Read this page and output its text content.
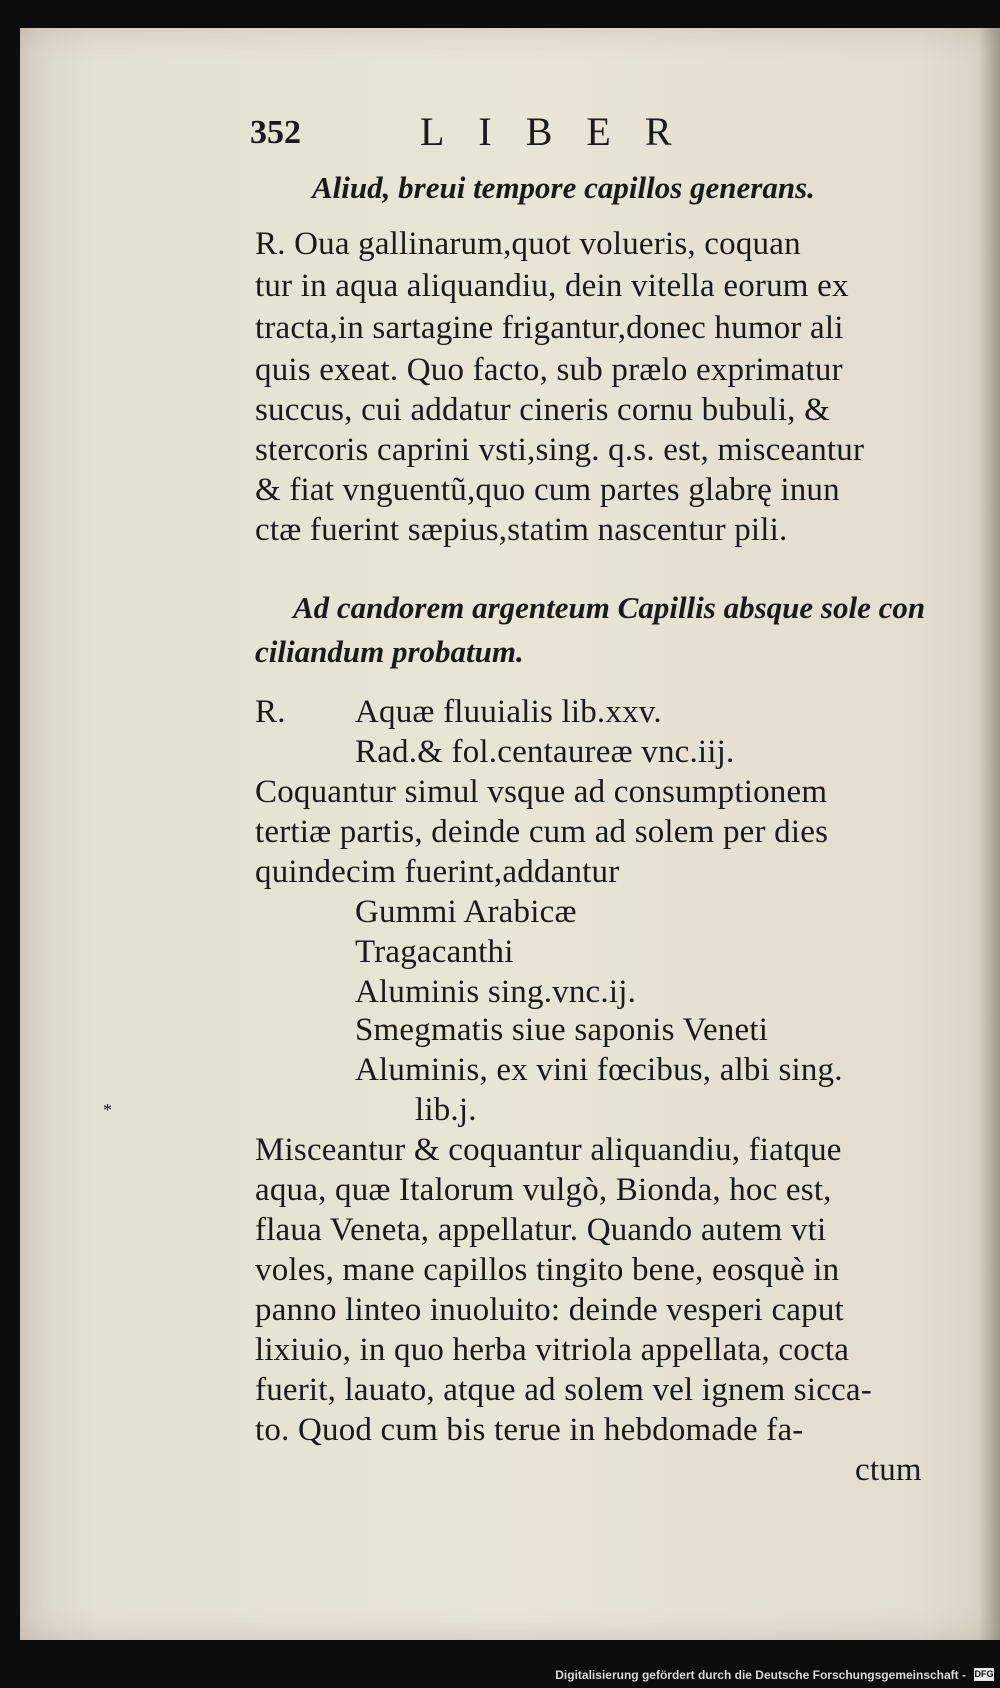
352	LIBER
Aliud, breui tempore capillos generans.
R. Oua gallinarum,quot volueris, coquan
tur in aqua aliquandiu, dein vitella eorum ex
tracta,in sartagine frigantur,donec humor ali
quis exeat. Quo facto, sub prælo exprimatur
succus, cui addatur cineris cornu bubuli, &
stercoris caprini vsti,sing. q.s. est, misceantur
& fiat vnguentũ,quo cum partes glabrę inun
ctæ fuerint sæpius,statim nascentur pili.
Ad candorem argenteum Capillis absque sole con
ciliandum probatum.
R. Aquæ fluuialis lib.xxv.
Rad.& fol.centaureæ vnc.iij.
Coquantur simul vsque ad consumptionem
tertiæ partis, deinde cum ad solem per dies
quindecim fuerint,addantur
Gummi Arabicæ
Tragacanthi
Aluminis sing.vnc.ij.
Smegmatis siue saponis Veneti
Aluminis, ex vini fœcibus, albi sing.
lib.j.
*
Misceantur & coquantur aliquandiu, fiatque
aqua, quæ Italorum vulgò, Bionda, hoc est,
flaua Veneta, appellatur. Quando autem vti
voles, mane capillos tingito bene, eosquè in
panno linteo inuoluito: deinde vesperi caput
lixiuio, in quo herba vitriola appellata, cocta
fuerit, lauato, atque ad solem vel ignem sicca-
to. Quod cum bis terue in hebdomade fa-
ctum
Digitalisierung gefördert durch die Deutsche Forschungsgemeinschaft - DFG
